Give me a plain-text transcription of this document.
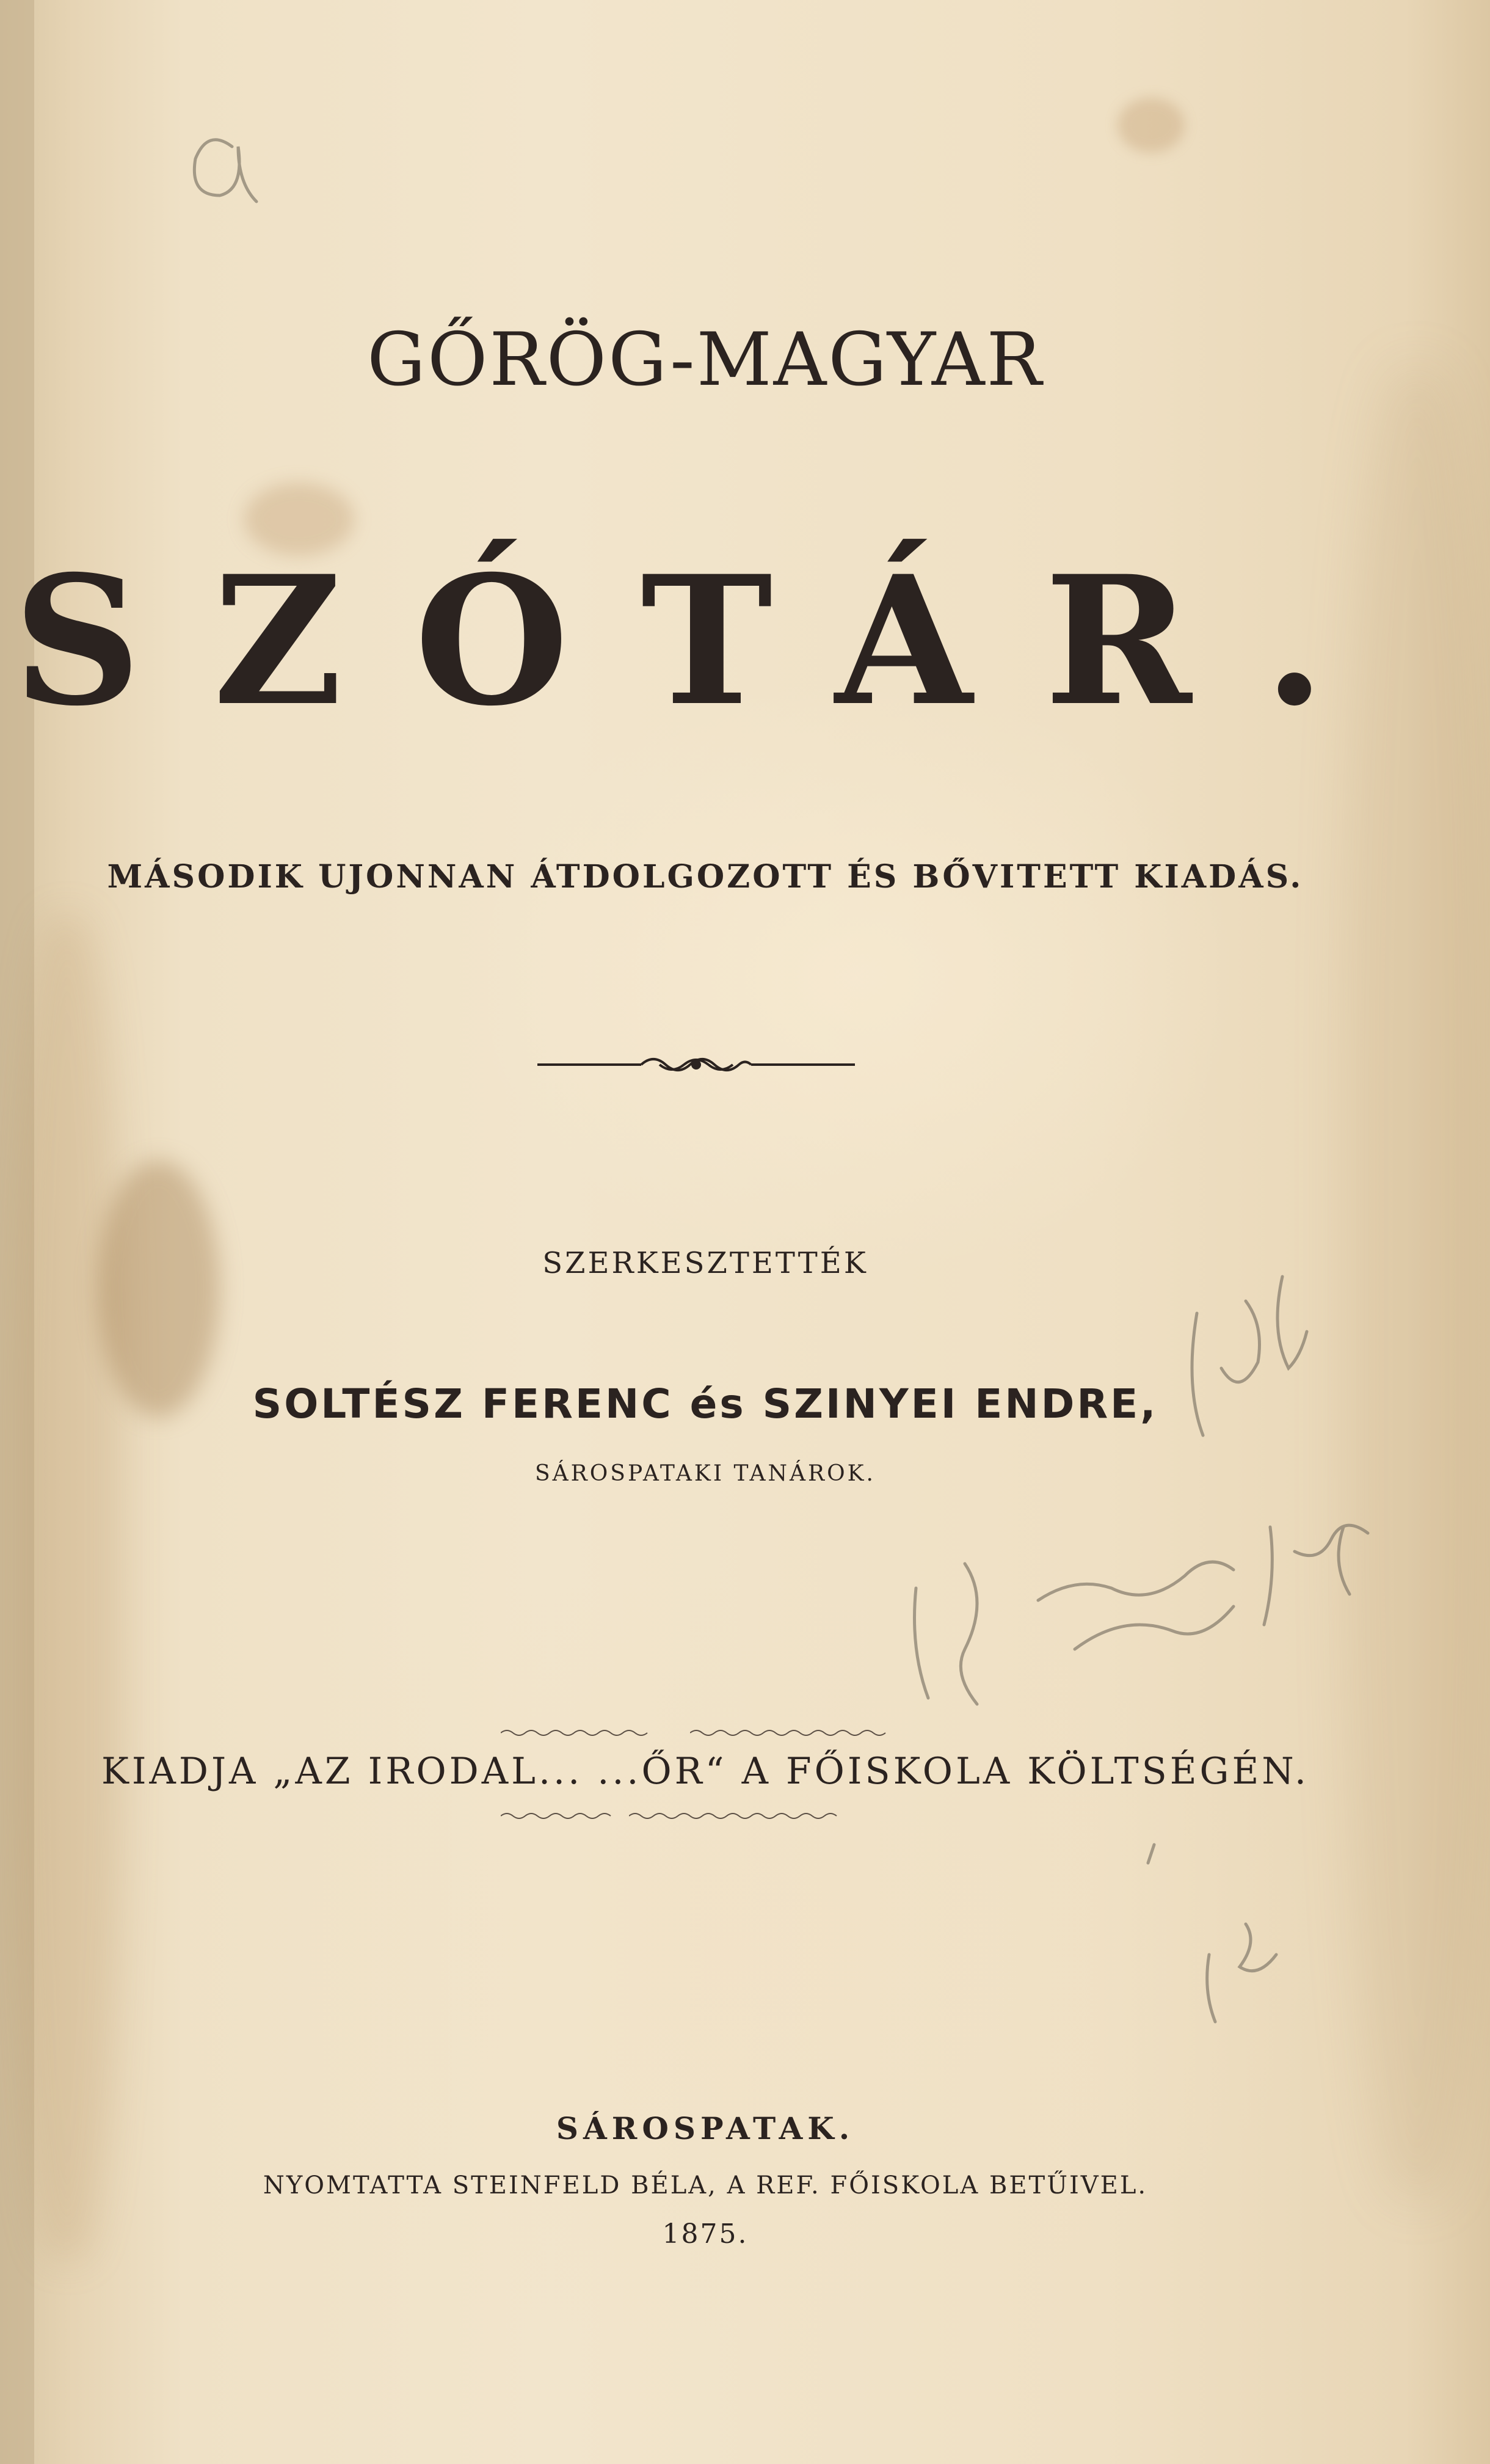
GŐRÖG-MAGYAR
SZÓTÁR.
MÁSODIK UJONNAN ÁTDOLGOZOTT ÉS BŐVITETT KIADÁS.
SZERKESZTETTÉK
SOLTÉSZ FERENC és SZINYEI ENDRE,
SÁROSPATAKI TANÁROK.
KIADJA „AZ IRODAL... ...ŐR“ A FŐISKOLA KÖLTSÉGÉN.
SÁROSPATAK.
NYOMTATTA STEINFELD BÉLA, A REF. FŐISKOLA BETŰIVEL.
1875.
